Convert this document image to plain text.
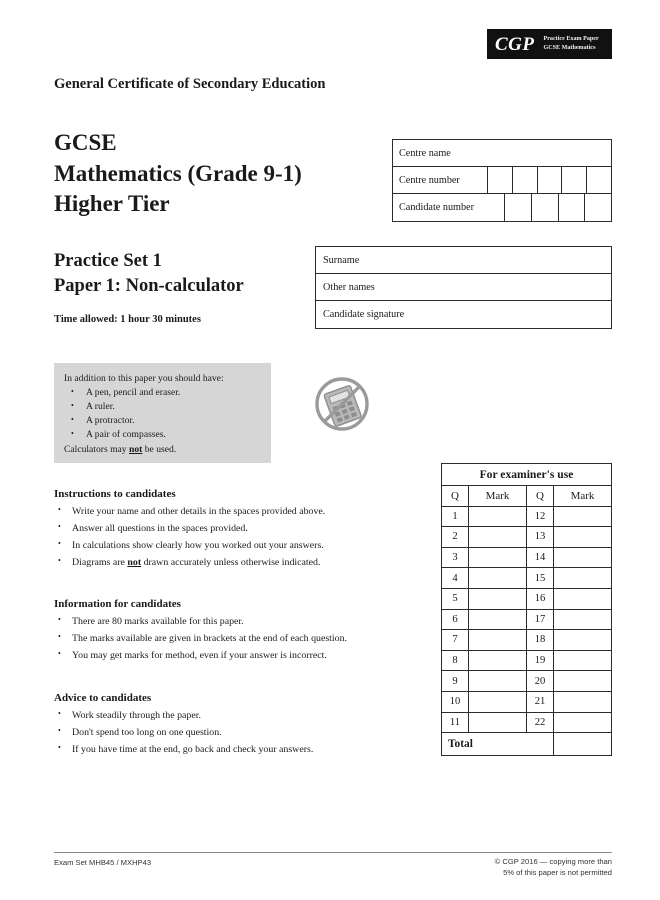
CGP Practice Exam Paper
GCSE Mathematics
General Certificate of Secondary Education
GCSE
Mathematics (Grade 9-1)
Higher Tier
Practice Set 1
Paper 1: Non-calculator
Time allowed: 1 hour 30 minutes
Centre name
Centre number
Candidate number
Surname
Other names
Candidate signature
In addition to this paper you should have:
• A pen, pencil and eraser.
• A ruler.
• A protractor.
• A pair of compasses.
Calculators may not be used.
Instructions to candidates
• Write your name and other details in the spaces provided above.
• Answer all questions in the spaces provided.
• In calculations show clearly how you worked out your answers.
• Diagrams are not drawn accurately unless otherwise indicated.
Information for candidates
• There are 80 marks available for this paper.
• The marks available are given in brackets at the end of each question.
• You may get marks for method, even if your answer is incorrect.
Advice to candidates
• Work steadily through the paper.
• Don't spend too long on one question.
• If you have time at the end, go back and check your answers.
For examiner's use			
Q	Mark	Q	Mark
1		12	
2		13	
3		14	
4		15	
5		16	
6		17	
7		18	
8		19	
9		20	
10		21	
11		22	
Total			
Exam Set MHB45 / MXHP43	© CGP 2016 — copying more than
5% of this paper is not permitted
